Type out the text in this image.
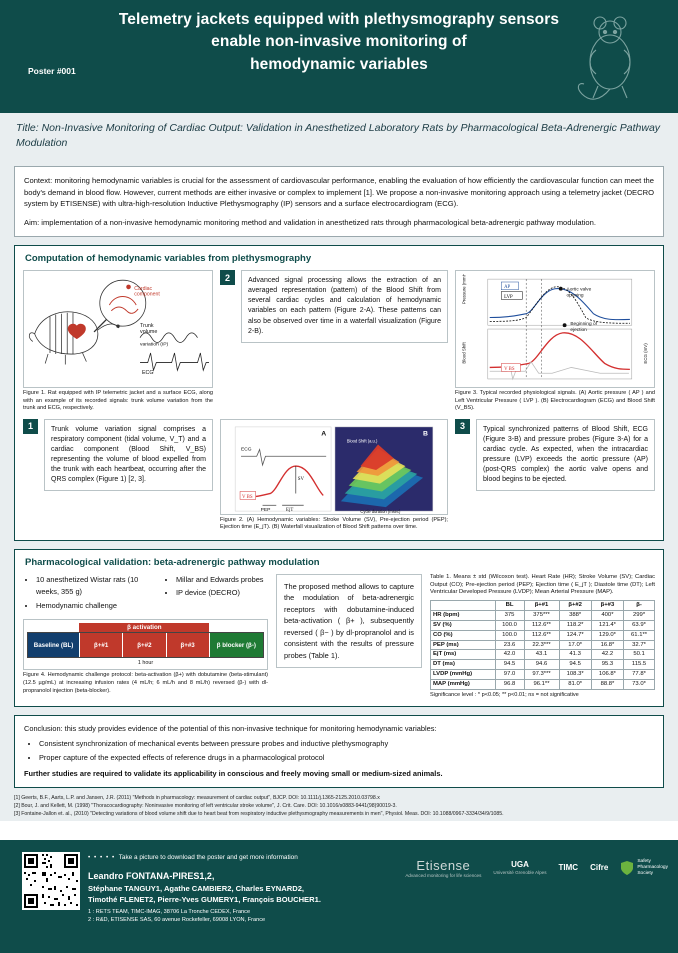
Telemetry jackets equipped with plethysmography sensors
enable non-invasive monitoring of
hemodynamic variables
Poster #001
Title: Non-Invasive Monitoring of Cardiac Output: Validation in Anesthetized Laboratory Rats by Pharmacological Beta-Adrenergic Pathway Modulation

Context: monitoring hemodynamic variables is crucial for the assessment of cardiovascular performance, enabling the evaluation of how efficiently the cardiovascular function can meet the body's demand in blood flow. However, current methods are either invasive or complex to implement [1]. We propose a non-invasive monitoring approach using a telemetry jacket (DECRO system by ETISENSE) with ultra-high-resolution Inductive Plethysmography (IP) sensors and a surface electrocardiogram (ECG).

Aim: implementation of a non-invasive hemodynamic monitoring method and validation in anesthetized rats through pharmacological beta-adrenergic pathway modulation.

Computation of hemodynamic variables from plethysmography
Trunk
volume
variation (IP)
ECG
Cardiac
component
Figure 1. Rat equipped with IP telemetric jacket and a surface ECG, along with an example of its recorded signals: trunk volume variation from the trunk and ECG, respectively.
2	Advanced signal processing allows the extraction of an averaged representation (pattern) of the Blood Shift from several cardiac cycles and calculation of hemodynamic variables on each pattern (Figure 2-A). These patterns can also be observed over time in a waterfall visualization (Figure 2-B).
AP
LVP
V BS
Pressure (mmHg)
Blood Shift	ECG (mV)
Aortic valve
opening
Beginning of
ejection
Figure 3. Typical recorded physiological signals. (A) Aortic pressure ( AP ) and Left Ventricular Pressure ( LVP ). (B) Electrocardiogram (ECG) and Blood Shift (V_BS).
1	Trunk volume variation signal comprises a respiratory component (tidal volume, V_T) and a cardiac component (Blood Shift, V_BS) representing the volume of blood expelled from the trunk with each heartbeat, occurring after the QRS complex (Figure 1) [2, 3].
A
ECG
V BS
PEP	EjT
SV
B
Blood Shift (a.u.)
Cycle duration (msec)
Figure 2. (A) Hemodynamic variables: Stroke Volume (SV), Pre-ejection period (PEP); Ejection time (E_jT). (B) Waterfall visualization of Blood Shift patterns over time.
3	Typical synchronized patterns of Blood Shift, ECG (Figure 3-B) and pressure probes (Figure 3-A) for a cardiac cycle. As expected, when the intracardiac pressure (LVP) exceeds the aortic pressure (AP) (post-QRS complex) the aortic valve opens and blood begins to be ejected.
Pharmacological validation: beta-adrenergic pathway modulation
• 10 anesthetized Wistar rats (10 weeks, 355 g)
• Hemodynamic challenge
• Millar and Edwards probes
• IP device (DECRO)
β activation
Baseline (BL)	β+#1	β+#2	β+#3	β blocker (β-)
1 hour
Figure 4. Hemodynamic challenge protocol: beta-activation (β+) with dobutamine (beta-stimulant) (12.5 µg/mL) at increasing infusion rates (4 mL/h; 6 mL/h and 8 mL/h) reversed (β-) with dl-propranolol injection (beta-blocker).
The proposed method allows to capture the modulation of beta-adrenergic receptors with dobutamine-induced beta-activation ( β+ ), subsequently reversed ( β− ) by dl-propranolol and is consistent with the results of pressure probes (Table 1).
Table 1. Means ± std (Wilcoxon test). Heart Rate (HR); Stroke Volume (SV); Cardiac Output (CO); Pre-ejection period (PEP); Ejection time ( E_jT ); Diastole time (DT); Left Ventricular Developed Pressure (LVDP); Mean Arterial Pressure (MAP).
	BL	β+#1	β+#2	β+#3	β-
HR (bpm)	375	375***	388*	400*	299*
SV (%)	100.0	112.6**	118.2*	121.4*	63.9*
CO (%)	100.0	112.6**	124.7*	129.0*	61.1**
PEP (ms)	23.6	22.3***	17.0*	16.8*	32.7*
EjT (ms)	42.0	43.1	41.3	42.2	50.1
DT (ms)	94.5	94.6	94.5	95.3	115.5
LVDP (mmHg)	97.0	97.3***	108.3*	106.8*	77.8*
MAP (mmHg)	96.8	96.1**	81.0*	88.8*	73.0*
Significance level : * p<0.05; ** p<0.01; ns = not significative

Conclusion: this study provides evidence of the potential of this non-invasive technique for monitoring hemodynamic variables:

• Consistent synchronization of mechanical events between pressure probes and inductive plethysmography
• Proper capture of the expected effects of reference drugs in a pharmacological protocol

Further studies are required to validate its applicability in conscious and freely moving small or medium-sized animals.

[1] Geerts, B.F., Aarts, L.P. and Jansen, J.R. (2011) "Methods in pharmacology: measurement of cardiac output", BJCP. DOI: 10.1111/j.1365-2125.2010.03798.x
[2] Bour, J. and Kellett, M. (1998) "Thoracocardiography: Noninvasive monitoring of left ventricular stroke volume", J. Crit. Care. DOI: 10.1016/s0883-9441(98)90019-3.
[3] Fontaine-Jallon et. al., (2010) "Detecting variations of blood volume shift due to heart beat from respiratory inductive plethysmography measurements in men", Physiol. Meas. DOI: 10.1088/0967-3334/34/9/1085.
• • • • • Take a picture to download the poster and get more information
Leandro FONTANA-PIRES1,2,
Stéphane TANGUY1, Agathe CAMBIER2, Charles EYNARD2,
Timothé FLENET2, Pierre-Yves GUMERY1, François BOUCHER1.
1 : RETS TEAM, TIMC-IMAG, 38706 La Tronche CEDEX, France
2 : R&D, ETISENSE SAS, 60 avenue Rockefeller, 69008 LYON, France
Etisense
Advanced monitoring for life sciences
UGA
Université Grenoble Alpes
TIMC Cifre
Safety
Pharmacology
Society
